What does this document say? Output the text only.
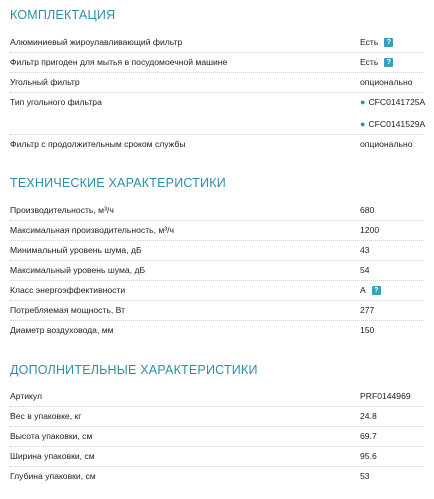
КОМПЛЕКТАЦИЯ
Алюминиевый жироулавливающий фильтр	Есть ?
Фильтр пригоден для мытья в посудомоечной машине	Есть ?
Угольный фильтр	опционально
Тип угольного фильтра	● CFC0141725A
● CFC0141529A
Фильтр с продолжительным сроком службы	опционально
ТЕХНИЧЕСКИЕ ХАРАКТЕРИСТИКИ
Производительность, м³/ч	680
Максимальная производительность, м³/ч	1200
Минимальный уровень шума, дБ	43
Максимальный уровень шума, дБ	54
Класс энергоэффективности	A ?
Потребляемая мощность, Вт	277
Диаметр воздуховода, мм	150
ДОПОЛНИТЕЛЬНЫЕ ХАРАКТЕРИСТИКИ
Артикул	PRF0144969
Вес в упаковке, кг	24.8
Высота упаковки, см	69.7
Ширина упаковки, см	95.6
Глубина упаковки, см	53
